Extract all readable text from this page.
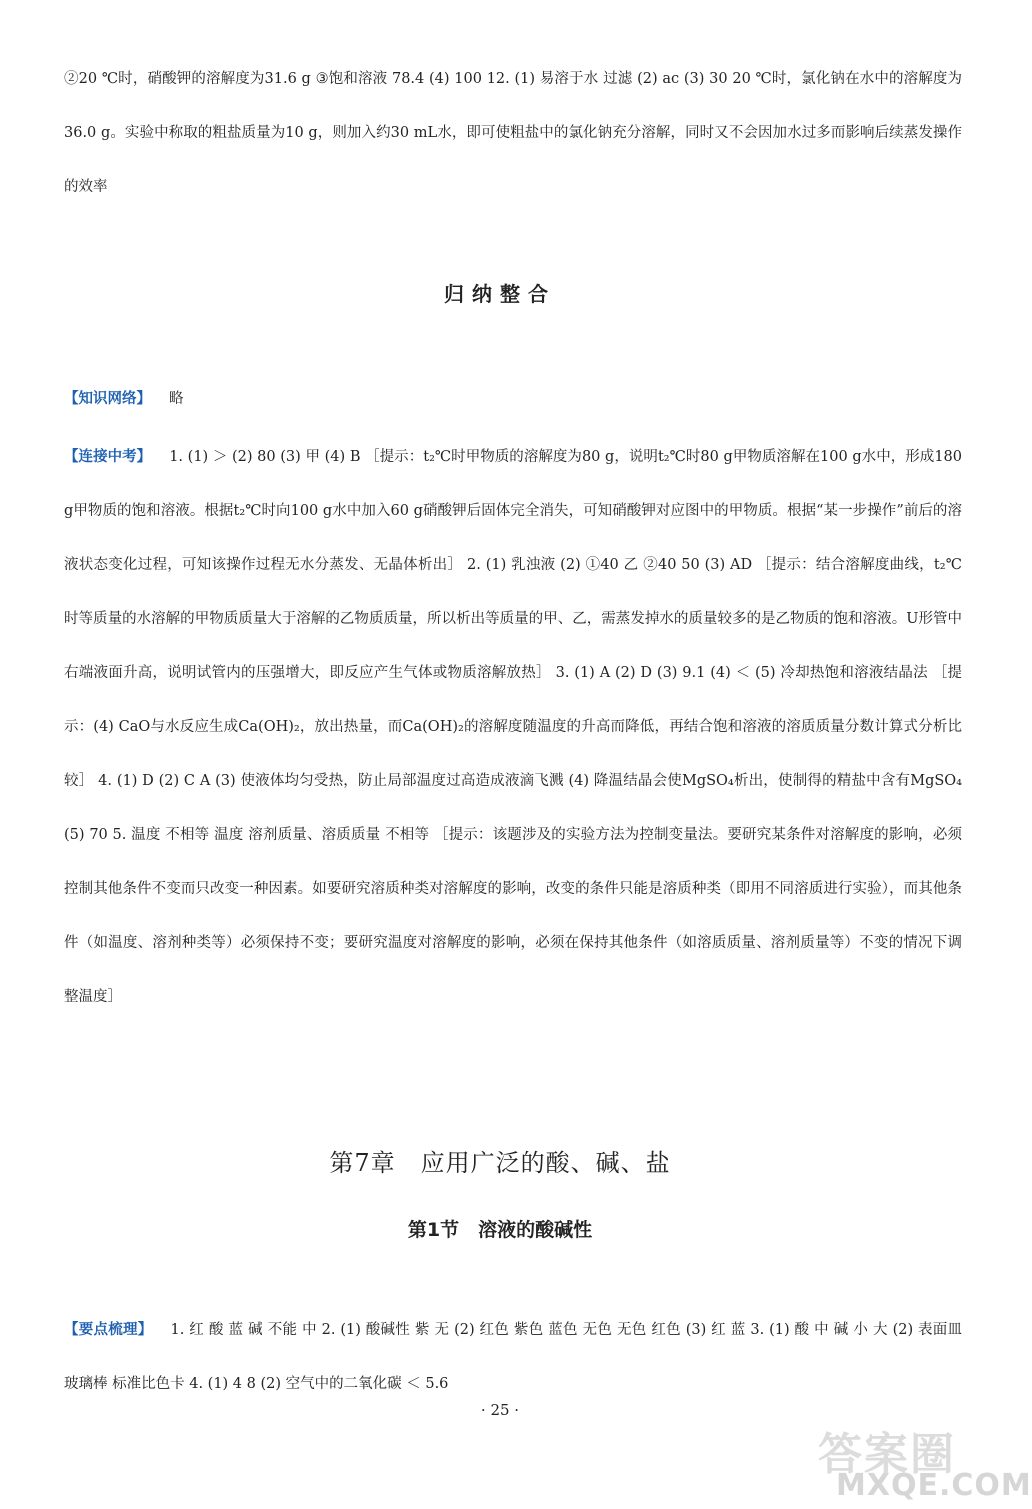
②20 ℃时，硝酸钾的溶解度为31.6 g ③饱和溶液 78.4 (4) 100 12. (1) 易溶于水 过滤 (2) ac (3) 30 20 ℃时，氯化钠在水中的溶解度为36.0 g。实验中称取的粗盐质量为10 g，则加入约30 mL水，即可使粗盐中的氯化钠充分溶解，同时又不会因加水过多而影响后续蒸发操作的效率
归纳整合
【知识网络】 略
【连接中考】 1. (1) ＞ (2) 80 (3) 甲 (4) B ［提示：t₂℃时甲物质的溶解度为80 g，说明t₂℃时80 g甲物质溶解在100 g水中，形成180 g甲物质的饱和溶液。根据t₂℃时向100 g水中加入60 g硝酸钾后固体完全消失，可知硝酸钾对应图中的甲物质。根据“某一步操作”前后的溶液状态变化过程，可知该操作过程无水分蒸发、无晶体析出］ 2. (1) 乳浊液 (2) ①40 乙 ②40 50 (3) AD ［提示：结合溶解度曲线，t₂℃时等质量的水溶解的甲物质质量大于溶解的乙物质质量，所以析出等质量的甲、乙，需蒸发掉水的质量较多的是乙物质的饱和溶液。U形管中右端液面升高，说明试管内的压强增大，即反应产生气体或物质溶解放热］ 3. (1) A (2) D (3) 9.1 (4) ＜ (5) 冷却热饱和溶液结晶法 ［提示：(4) CaO与水反应生成Ca(OH)₂，放出热量，而Ca(OH)₂的溶解度随温度的升高而降低，再结合饱和溶液的溶质质量分数计算式分析比较］ 4. (1) D (2) C A (3) 使液体均匀受热，防止局部温度过高造成液滴飞溅 (4) 降温结晶会使MgSO₄析出，使制得的精盐中含有MgSO₄ (5) 70 5. 温度 不相等 温度 溶剂质量、溶质质量 不相等 ［提示：该题涉及的实验方法为控制变量法。要研究某条件对溶解度的影响，必须控制其他条件不变而只改变一种因素。如要研究溶质种类对溶解度的影响，改变的条件只能是溶质种类（即用不同溶质进行实验），而其他条件（如温度、溶剂种类等）必须保持不变；要研究温度对溶解度的影响，必须在保持其他条件（如溶质质量、溶剂质量等）不变的情况下调整温度］
第7章　应用广泛的酸、碱、盐
第1节　溶液的酸碱性
【要点梳理】 1. 红 酸 蓝 碱 不能 中 2. (1) 酸碱性 紫 无 (2) 红色 紫色 蓝色 无色 无色 红色 (3) 红 蓝 3. (1) 酸 中 碱 小 大 (2) 表面皿 玻璃棒 标准比色卡 4. (1) 4 8 (2) 空气中的二氧化碳 ＜ 5.6
· 25 ·
答案圈
MXQE.COM
